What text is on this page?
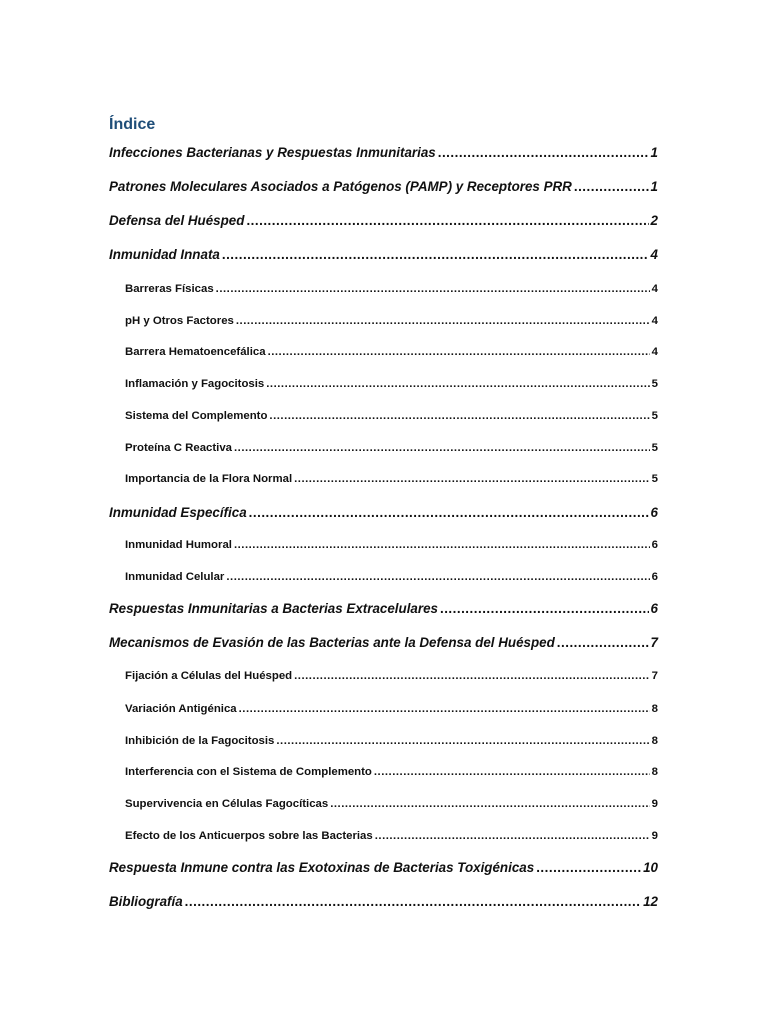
Índice
Infecciones Bacterianas y Respuestas Inmunitarias .....	1
Patrones Moleculares Asociados a Patógenos (PAMP) y Receptores PRR .....	1
Defensa del Huésped .....	2
Inmunidad Innata .....	4
Barreras Físicas .....	4
pH y Otros Factores .....	4
Barrera Hematoencefálica .....	4
Inflamación y Fagocitosis .....	5
Sistema del Complemento .....	5
Proteína C Reactiva .....	5
Importancia de la Flora Normal .....	5
Inmunidad Específica .....	6
Inmunidad Humoral .....	6
Inmunidad Celular .....	6
Respuestas Inmunitarias a Bacterias Extracelulares .....	6
Mecanismos de Evasión de las Bacterias ante la Defensa del Huésped .....	7
Fijación a Células del Huésped .....	7
Variación Antigénica .....	8
Inhibición de la Fagocitosis .....	8
Interferencia con el Sistema de Complemento .....	8
Supervivencia en Células Fagocíticas .....	9
Efecto de los Anticuerpos sobre las Bacterias .....	9
Respuesta Inmune contra las Exotoxinas de Bacterias Toxigénicas .....	10
Bibliografía .....	12
